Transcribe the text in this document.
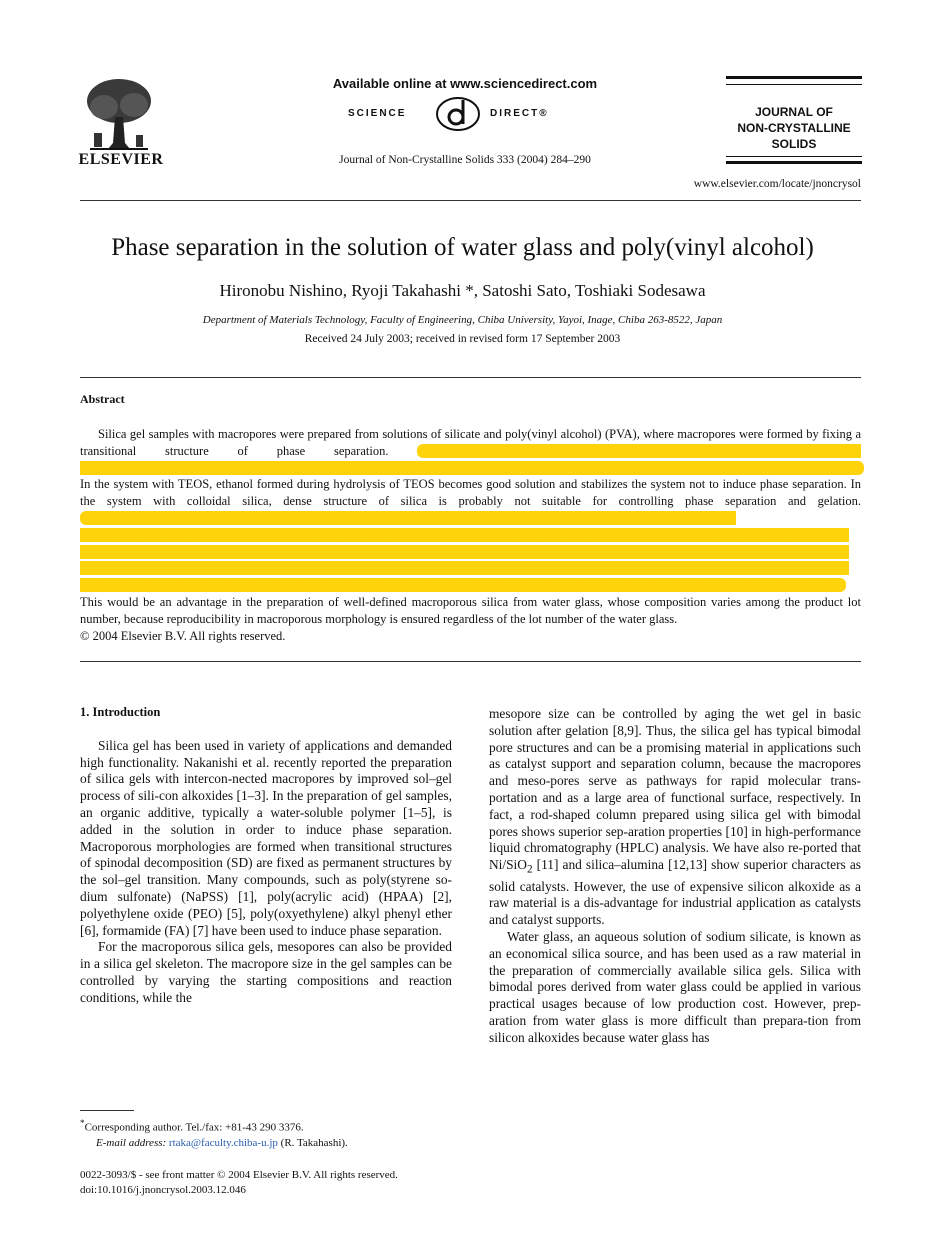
ELSEVIER
Available online at www.sciencedirect.com
SCIENCE	DIRECT®
Journal of Non-Crystalline Solids 333 (2004) 284–290
JOURNAL OF
NON-CRYSTALLINE SOLIDS
www.elsevier.com/locate/jnoncrysol
Phase separation in the solution of water glass and poly(vinyl alcohol)
Hironobu Nishino, Ryoji Takahashi *, Satoshi Sato, Toshiaki Sodesawa
Department of Materials Technology, Faculty of Engineering, Chiba University, Yayoi, Inage, Chiba 263-8522, Japan
Received 24 July 2003; received in revised form 17 September 2003
Abstract

Silica gel samples with macropores were prepared from solutions of silicate and poly(vinyl alcohol) (PVA), where macropores were formed by fixing a transitional structure of phase separation. xxxxxxxxxxxxxxxxxxxxxxxxxxxxxxxxxxxxxxxxxxxxxxxxxxxxxxxxxxxxxxxxxxxxxxx xxxxxxxxxxxxxxxxxxxxxxxxxxxxxxxxxxxxxxxxxxxxxxxxxxxxxxxxxxxxxxxxxxxxxxxxxxxxxxxxxxxxxxxxxxxxxxxxxxxxxxxxxxxxxxxxxxxxxxxxxxxxx. In the system with TEOS, ethanol formed during hydrolysis of TEOS becomes good solution and stabilizes the system not to induce phase separation. In the system with colloidal silica, dense structure of silica is probably not suitable for controlling phase separation and gelation. xxxxxxxxxxxxxxxxxxxxxxxxxxxxxxxxxxxxxxxxxxxxxxxxxxxxxxxxxxxxxxxxxxxxxxxxxxxxxxxxxxxxxxxxxxxxxxxxxxxxxxxxx xxxxxxxxxxxxxxxxxxxxxxxxxxxxxxxxxxxxxxxxxxxxxxxxxxxxxxxxxxxxxxxxxxxxxxxxxxxxxxxxxxxxxxxxxxxxxxxxxxxxxxxxxxxxxxxxxxxxxxxxxxx xxxxxxxxxxxxxxxxxxxxxxxxxxxxxxxxxxxxxxxxxxxxxxxxxxxxxxxxxxxxxxxxxxxxxxxxxxxxxxxxxxxxxxxxxxxxxxxxxxxxxxxxxxxxxxxxxxxxxxxxxxx xxxxxxxxxxxxxxxxxxxxxxxxxxxxxxxxxxxxxxxxxxxxxxxxxxxxxxxxxxxxxxxxxxxxxxxxxxxxxxxxxxxxxxxxxxxxxxxxxxxxxxxxxxxxxxxxxxxxxxxxxxx xxxxxxxxxxxxxxxxxxxxxxxxxxxxxxxxxxxxxxxxxxxxxxxxxxxxxxxxxxxxxxxxxxxxxxxxxxxxxxxxxxxxxxxxxxxxxxxxxxxxxxxxxxxxxxxxxxxxxxxxxx. This would be an advantage in the preparation of well-defined macroporous silica from water glass, whose composition varies among the product lot number, because reproducibility in macroporous morphology is ensured regardless of the lot number of the water glass.

© 2004 Elsevier B.V. All rights reserved.

1. Introduction

Silica gel has been used in variety of applications and demanded high functionality. Nakanishi et al. recently reported the preparation of silica gels with intercon-nected macropores by improved sol–gel process of sili-con alkoxides [1–3]. In the preparation of gel samples, an organic additive, typically a water-soluble polymer [1–5], is added in the solution in order to induce phase separation. Macroporous morphologies are formed when transitional structures of spinodal decomposition (SD) are fixed as permanent structures by the sol–gel transition. Many compounds, such as poly(styrene so-dium sulfonate) (NaPSS) [1], poly(acrylic acid) (HPAA) [2], polyethylene oxide (PEO) [5], poly(oxyethylene) alkyl phenyl ether [6], formamide (FA) [7] have been used to induce phase separation.

For the macroporous silica gels, mesopores can also be provided in a silica gel skeleton. The macropore size in the gel samples can be controlled by varying the starting compositions and reaction conditions, while the

mesopore size can be controlled by aging the wet gel in basic solution after gelation [8,9]. Thus, the silica gel has typical bimodal pore structures and can be a promising material in applications such as catalyst support and separation column, because the macropores and meso-pores serve as pathways for rapid molecular trans-portation and as a large area of functional surface, respectively. In fact, a rod-shaped column prepared using silica gel with bimodal pores shows superior sep-aration properties [10] in high-performance liquid chromatography (HPLC) analysis. We have also re-ported that Ni/SiO$_2$ [11] and silica–alumina [12,13] show superior characters as solid catalysts. However, the use of expensive silicon alkoxide as a raw material is a dis-advantage for industrial application as catalysts and catalyst supports.

Water glass, an aqueous solution of sodium silicate, is known as an economical silica source, and has been used as a raw material in the preparation of commercially available silica gels. Silica with bimodal pores derived from water glass could be applied in various practical usages because of low production cost. However, prep-aration from water glass is more difficult than prepara-tion from silicon alkoxides because water glass has

*Corresponding author. Tel./fax: +81-43 290 3376.
E-mail address: rtaka@faculty.chiba-u.jp (R. Takahashi).
0022-3093/$ - see front matter © 2004 Elsevier B.V. All rights reserved.
doi:10.1016/j.jnoncrysol.2003.12.046
